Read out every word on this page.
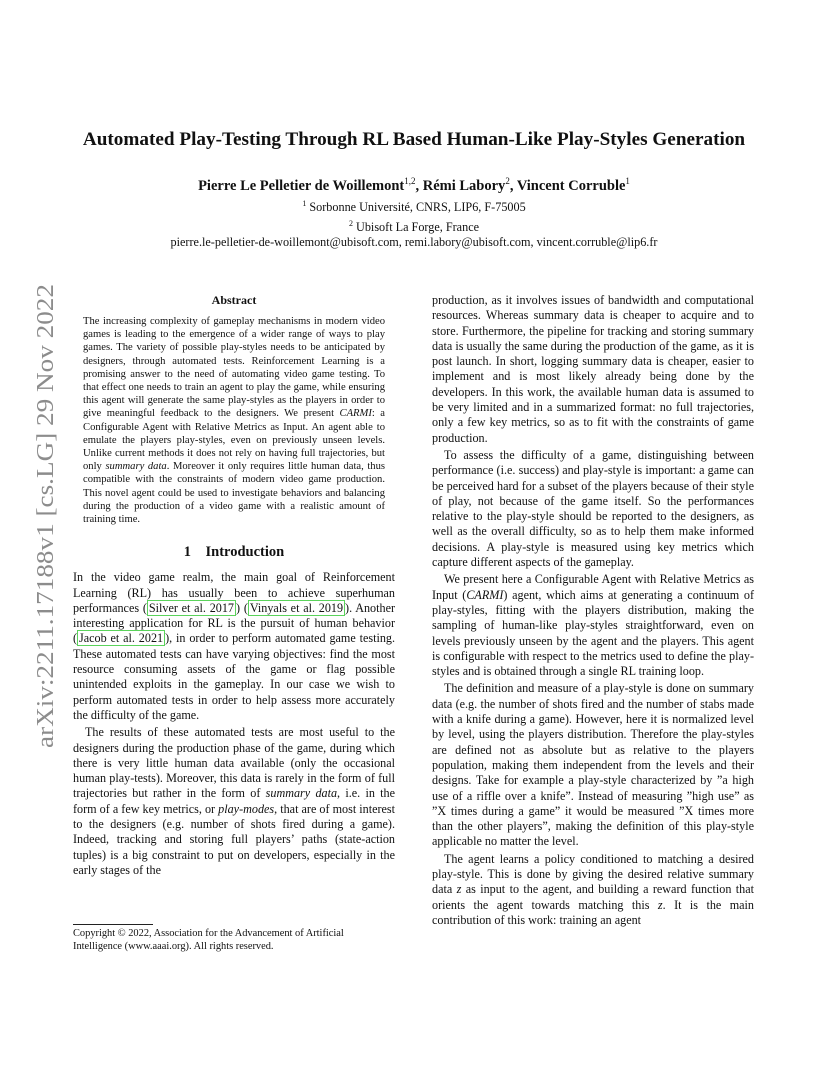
arXiv:2211.17188v1 [cs.LG] 29 Nov 2022
Automated Play-Testing Through RL Based Human-Like Play-Styles Generation
Pierre Le Pelletier de Woillemont$^{1,2}$, Rémi Labory$^2$, Vincent Corruble$^1$
$^1$ Sorbonne Université, CNRS, LIP6, F-75005
$^2$ Ubisoft La Forge, France
pierre.le-pelletier-de-woillemont@ubisoft.com, remi.labory@ubisoft.com, vincent.corruble@lip6.fr
Abstract

The increasing complexity of gameplay mechanisms in modern video games is leading to the emergence of a wider range of ways to play games. The variety of possible play-styles needs to be anticipated by designers, through automated tests. Reinforcement Learning is a promising answer to the need of automating video game testing. To that effect one needs to train an agent to play the game, while ensuring this agent will generate the same play-styles as the players in order to give meaningful feedback to the designers. We present CARMI: a Configurable Agent with Relative Metrics as Input. An agent able to emulate the players play-styles, even on previously unseen levels. Unlike current methods it does not rely on having full trajectories, but only summary data. Moreover it only requires little human data, thus compatible with the constraints of modern video game production. This novel agent could be used to investigate behaviors and balancing during the production of a video game with a realistic amount of training time.

1    Introduction

In the video game realm, the main goal of Reinforcement Learning (RL) has usually been to achieve superhuman performances ( Silver et al. 2017 ) ( Vinyals et al. 2019 ). Another interesting application for RL is the pursuit of human behavior ( Jacob et al. 2021 ), in order to perform automated game testing. These automated tests can have varying objectives: find the most resource consuming assets of the game or flag possible unintended exploits in the gameplay. In our case we wish to perform automated tests in order to help assess more accurately the difficulty of the game.

The results of these automated tests are most useful to the designers during the production phase of the game, during which there is very little human data available (only the occasional human play-tests). Moreover, this data is rarely in the form of full trajectories but rather in the form of summary data, i.e. in the form of a few key metrics, or play-modes, that are of most interest to the designers (e.g. number of shots fired during a game). Indeed, tracking and storing full players’ paths (state-action tuples) is a big constraint to put on developers, especially in the early stages of the

Copyright © 2022, Association for the Advancement of Artificial Intelligence (www.aaai.org). All rights reserved.

production, as it involves issues of bandwidth and computational resources. Whereas summary data is cheaper to acquire and to store. Furthermore, the pipeline for tracking and storing summary data is usually the same during the production of the game, as it is post launch. In short, logging summary data is cheaper, easier to implement and is most likely already being done by the developers. In this work, the available human data is assumed to be very limited and in a summarized format: no full trajectories, only a few key metrics, so as to fit with the constraints of game production.

To assess the difficulty of a game, distinguishing between performance (i.e. success) and play-style is important: a game can be perceived hard for a subset of the players because of their style of play, not because of the game itself. So the performances relative to the play-style should be reported to the designers, as well as the overall difficulty, so as to help them make informed decisions. A play-style is measured using key metrics which capture different aspects of the gameplay.

We present here a Configurable Agent with Relative Metrics as Input (CARMI) agent, which aims at generating a continuum of play-styles, fitting with the players distribution, making the sampling of human-like play-styles straightforward, even on levels previously unseen by the agent and the players. This agent is configurable with respect to the metrics used to define the play-styles and is obtained through a single RL training loop.

The definition and measure of a play-style is done on summary data (e.g. the number of shots fired and the number of stabs made with a knife during a game). However, here it is normalized level by level, using the players distribution. Therefore the play-styles are defined not as absolute but as relative to the players population, making them independent from the levels and their designs. Take for example a play-style characterized by ”a high use of a riffle over a knife”. Instead of measuring ”high use” as ”X times during a game” it would be measured ”X times more than the other players”, making the definition of this play-style applicable no matter the level.

The agent learns a policy conditioned to matching a desired play-style. This is done by giving the desired relative summary data z as input to the agent, and building a reward function that orients the agent towards matching this z. It is the main contribution of this work: training an agent
